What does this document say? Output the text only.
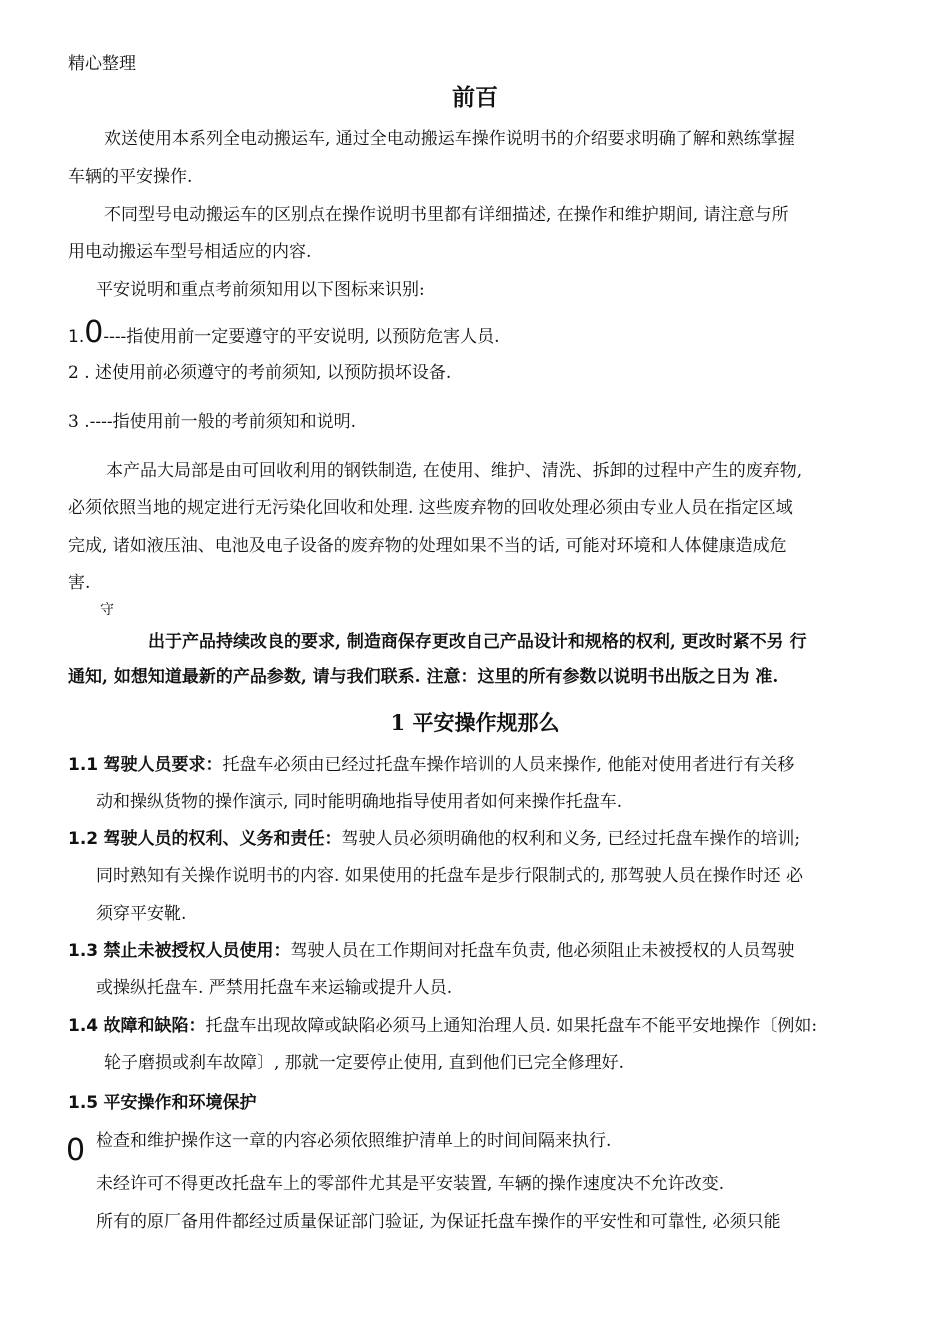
精心整理
前百
欢送使用本系列全电动搬运车, 通过全电动搬运车操作说明书的介绍要求明确了解和熟练掌握
车辆的平安操作.
不同型号电动搬运车的区别点在操作说明书里都有详细描述, 在操作和维护期间, 请注意与所
用电动搬运车型号相适应的内容.
平安说明和重点考前须知用以下图标来识别:
1.0----指使用前一定要遵守的平安说明, 以预防危害人员.
2 . 述使用前必须遵守的考前须知, 以预防损坏设备.
3 .----指使用前一般的考前须知和说明.
本产品大局部是由可回收利用的钢铁制造, 在使用、维护、清洗、拆卸的过程中产生的废弃物,
必须依照当地的规定进行无污染化回收和处理. 这些废弃物的回收处理必须由专业人员在指定区域
完成, 诸如液压油、电池及电子设备的废弃物的处理如果不当的话, 可能对环境和人体健康造成危
害.
守
出于产品持续改良的要求, 制造商保存更改自己产品设计和规格的权利, 更改时紧不另 行
通知, 如想知道最新的产品参数, 请与我们联系. 注意：这里的所有参数以说明书出版之日为 准.
1 平安操作规那么
1.1 驾驶人员要求：托盘车必须由已经过托盘车操作培训的人员来操作, 他能对使用者进行有关移
动和操纵货物的操作演示, 同时能明确地指导使用者如何来操作托盘车.
1.2 驾驶人员的权利、义务和责任：驾驶人员必须明确他的权利和义务, 已经过托盘车操作的培训;
同时熟知有关操作说明书的内容. 如果使用的托盘车是步行限制式的, 那驾驶人员在操作时还 必
须穿平安靴.
1.3 禁止未被授权人员使用：驾驶人员在工作期间对托盘车负责, 他必须阻止未被授权的人员驾驶
或操纵托盘车. 严禁用托盘车来运输或提升人员.
1.4 故障和缺陷：托盘车出现故障或缺陷必须马上通知治理人员. 如果托盘车不能平安地操作〔例如:
轮子磨损或刹车故障〕, 那就一定要停止使用, 直到他们已完全修理好.
1.5 平安操作和环境保护
0 检查和维护操作这一章的内容必须依照维护清单上的时间间隔来执行.
未经许可不得更改托盘车上的零部件尤其是平安装置, 车辆的操作速度决不允许改变.
所有的原厂备用件都经过质量保证部门验证, 为保证托盘车操作的平安性和可靠性, 必须只能
